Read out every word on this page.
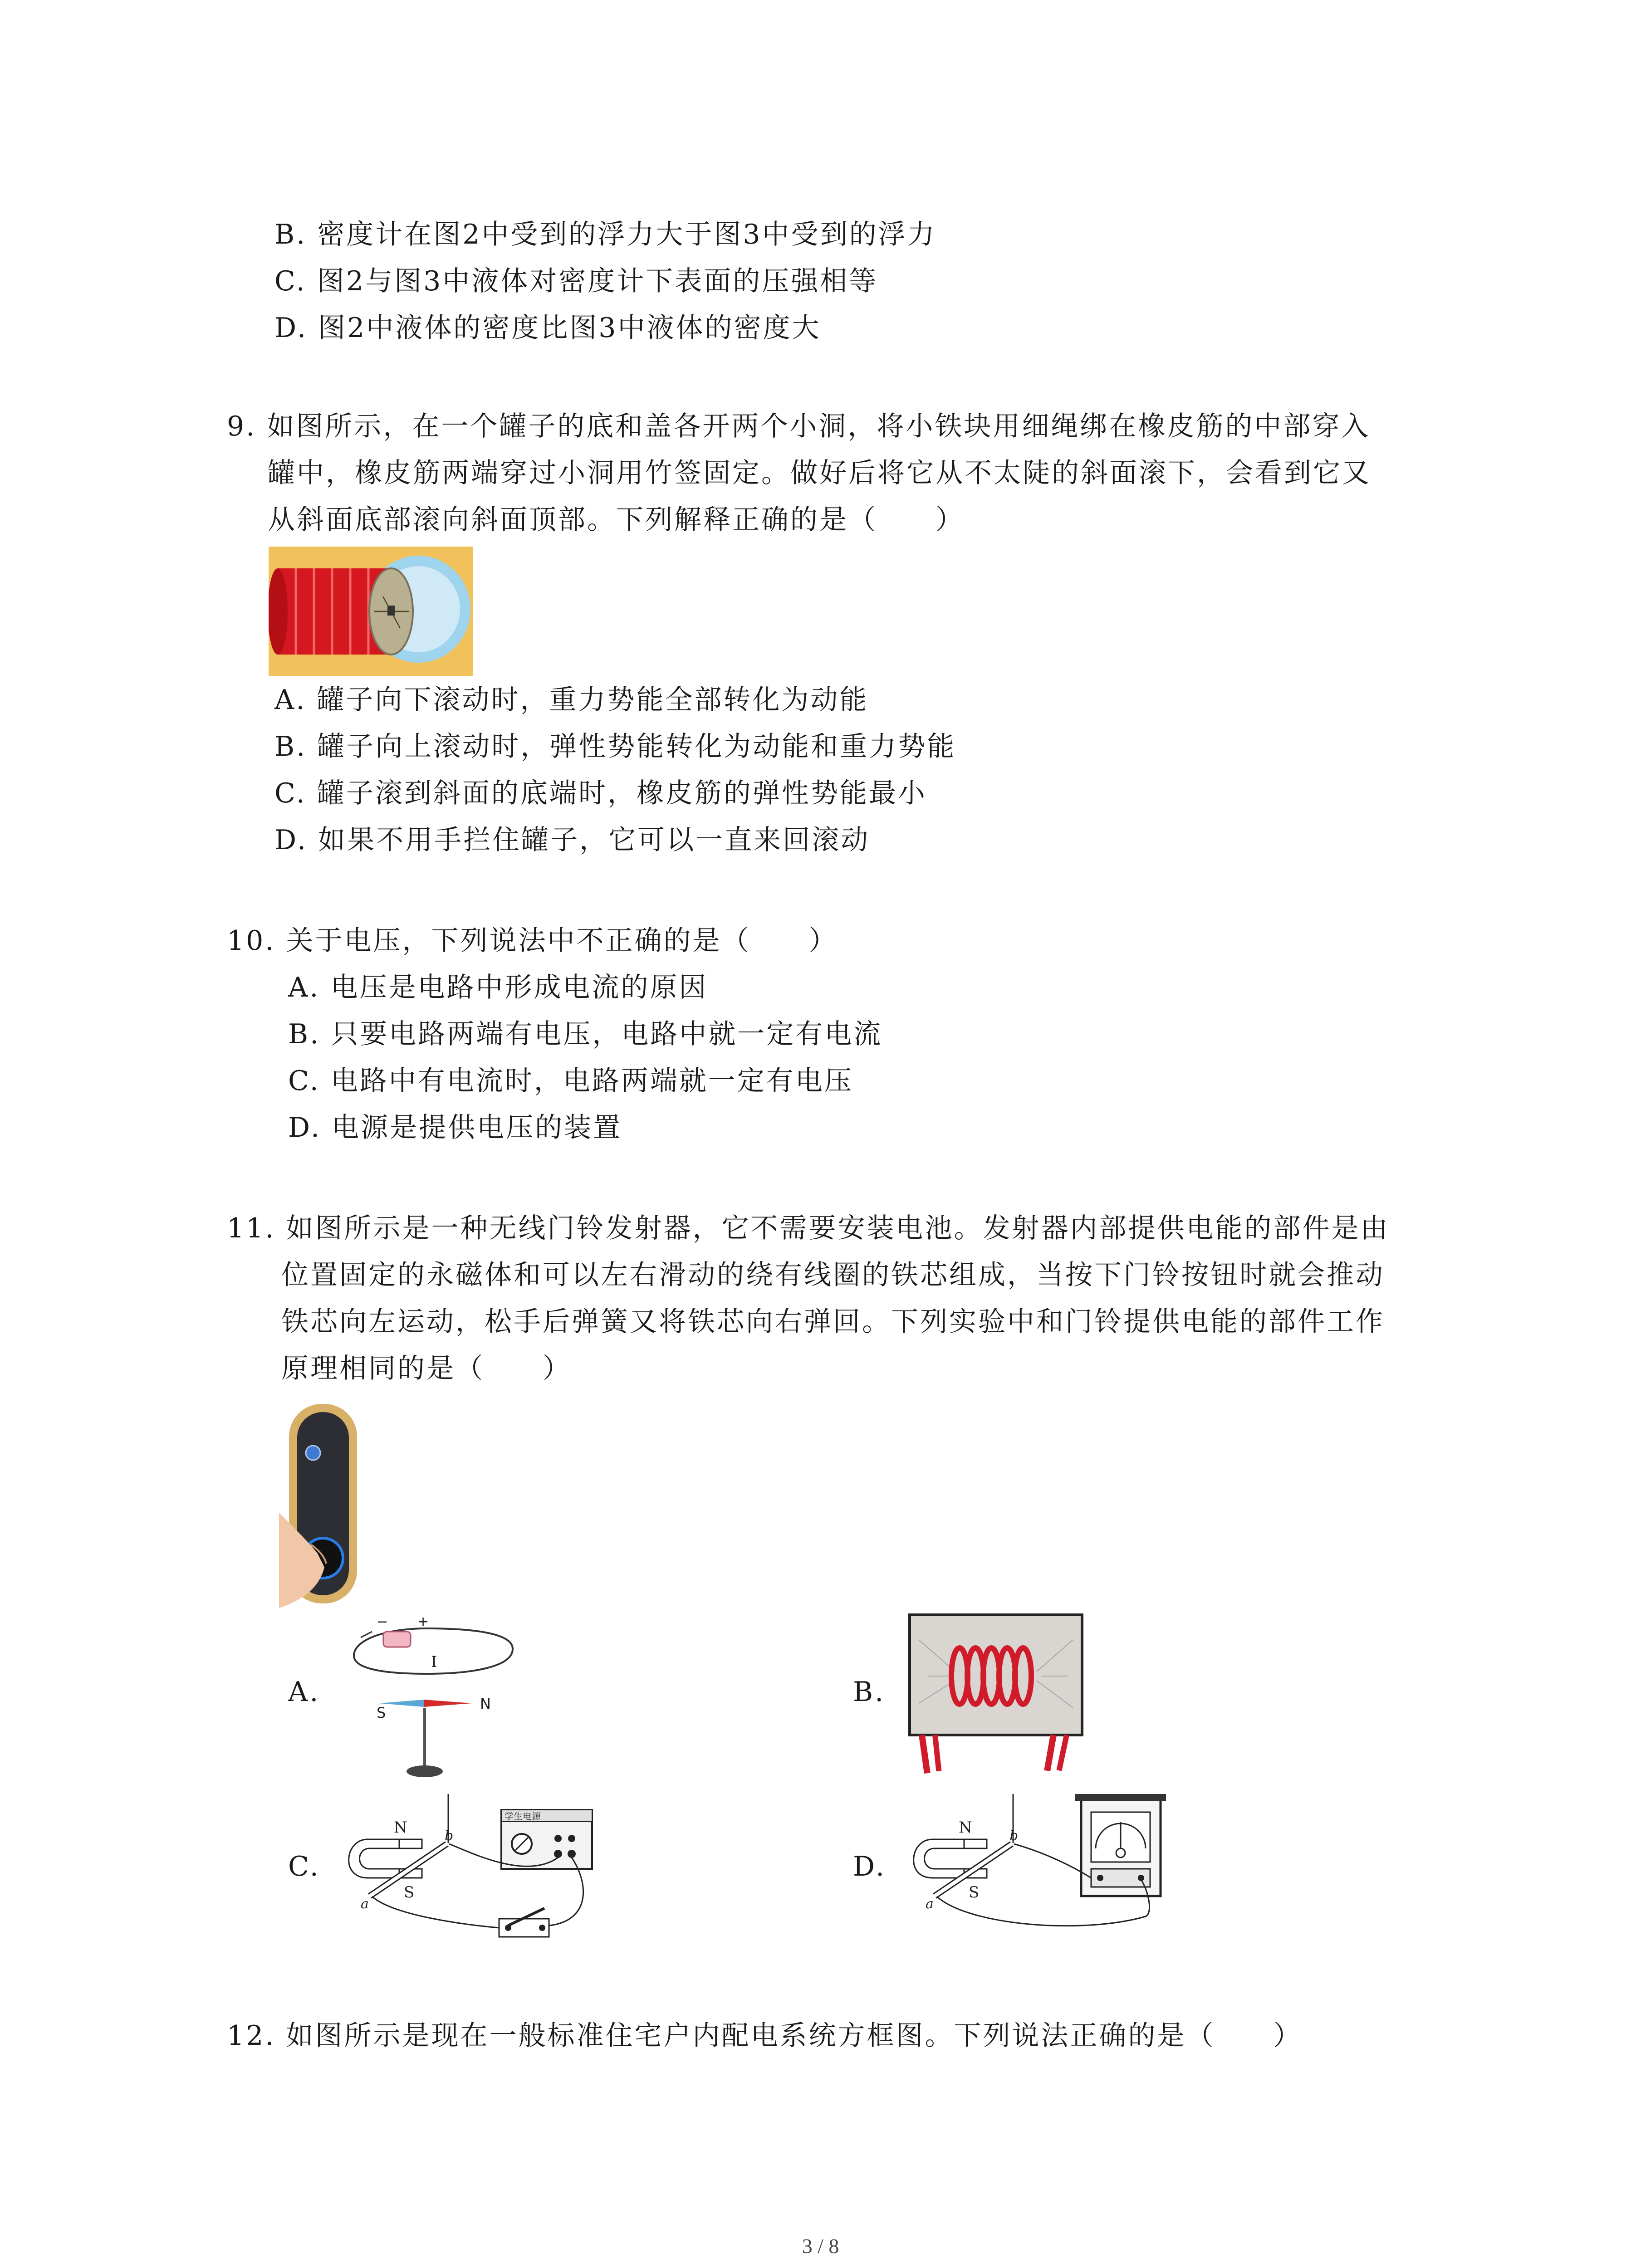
B. 密度计在图2中受到的浮力大于图3中受到的浮力
C. 图2与图3中液体对密度计下表面的压强相等
D. 图2中液体的密度比图3中液体的密度大
9. 如图所示，在一个罐子的底和盖各开两个小洞，将小铁块用细绳绑在橡皮筋的中部穿入
罐中，橡皮筋两端穿过小洞用竹签固定。做好后将它从不太陡的斜面滚下，会看到它又
从斜面底部滚向斜面顶部。下列解释正确的是（　　）
A. 罐子向下滚动时，重力势能全部转化为动能
B. 罐子向上滚动时，弹性势能转化为动能和重力势能
C. 罐子滚到斜面的底端时，橡皮筋的弹性势能最小
D. 如果不用手拦住罐子，它可以一直来回滚动
10. 关于电压，下列说法中不正确的是（　　）
A. 电压是电路中形成电流的原因
B. 只要电路两端有电压，电路中就一定有电流
C. 电路中有电流时，电路两端就一定有电压
D. 电源是提供电压的装置
11. 如图所示是一种无线门铃发射器，它不需要安装电池。发射器内部提供电能的部件是由
位置固定的永磁体和可以左右滑动的绕有线圈的铁芯组成，当按下门铃按钮时就会推动
铁芯向左运动，松手后弹簧又将铁芯向右弹回。下列实验中和门铃提供电能的部件工作
原理相同的是（　　）
A.	B.
C.	D.
− +
I
S
N
N
S
a
b
学生电源
N
S
a
b
12. 如图所示是现在一般标准住宅户内配电系统方框图。下列说法正确的是（　　）
3 / 8
